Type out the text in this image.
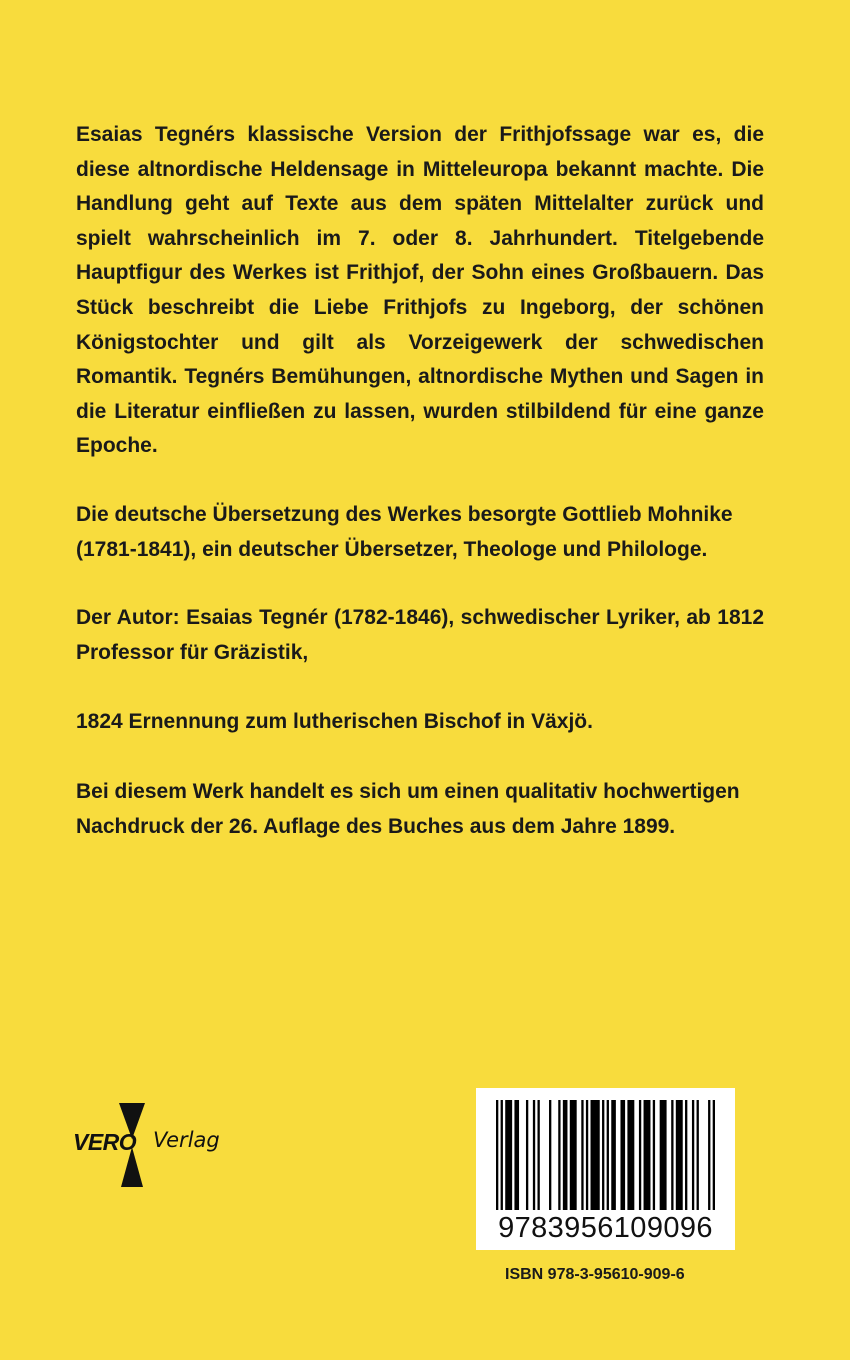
Esaias Tegnérs klassische Version der Frithjofssage war es, die diese altnordische Heldensage in Mitteleuropa bekannt machte. Die Handlung geht auf Texte aus dem späten Mittelalter zurück und spielt wahrscheinlich im 7. oder 8. Jahrhundert. Titelgebende Hauptfigur des Werkes ist Frithjof, der Sohn eines Großbauern. Das Stück beschreibt die Liebe Frithjofs zu Ingeborg, der schönen Königstochter und gilt als Vorzeigewerk der schwedischen Romantik. Tegnérs Bemühungen, altnordische Mythen und Sagen in die Literatur einfließen zu lassen, wurden stilbildend für eine ganze Epoche.

Die deutsche Übersetzung des Werkes besorgte Gottlieb Mohnike (1781-1841), ein deutscher Übersetzer, Theologe und Philologe.

Der Autor: Esaias Tegnér (1782-1846), schwedischer Lyriker, ab 1812 Professor für Gräzistik,

1824 Ernennung zum lutherischen Bischof in Växjö.

Bei diesem Werk handelt es sich um einen qualitativ hochwertigen Nachdruck der 26. Auflage des Buches aus dem Jahre 1899.

VERO Verlag
9783956109096
ISBN 978-3-95610-909-6
